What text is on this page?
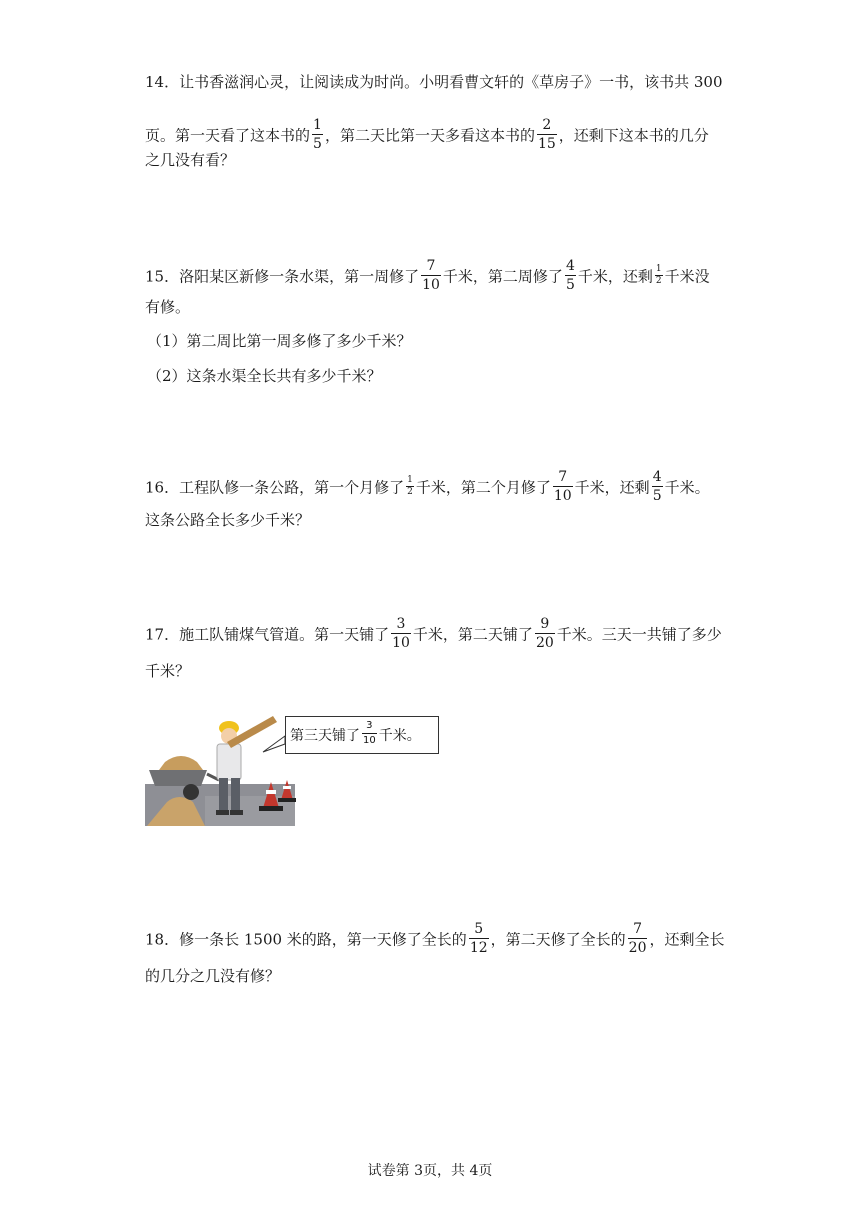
14．让书香滋润心灵，让阅读成为时尚。小明看曹文轩的《草房子》一书，该书共 300
页。第一天看了这本书的 $\frac{1}{5}$ ，第二天比第一天多看这本书的 $\frac{2}{15}$ ，还剩下这本书的几分
之几没有看？
15．洛阳某区新修一条水渠，第一周修了 $\frac{7}{10}$ 千米，第二周修了 $\frac{4}{5}$ 千米，还剩 $\frac{1}{2}$ 千米没
有修。
（1）第二周比第一周多修了多少千米？
（2）这条水渠全长共有多少千米？
16．工程队修一条公路，第一个月修了 $\frac{1}{2}$ 千米，第二个月修了 $\frac{7}{10}$ 千米，还剩 $\frac{4}{5}$ 千米。
这条公路全长多少千米？
17．施工队铺煤气管道。第一天铺了 $\frac{3}{10}$ 千米，第二天铺了 $\frac{9}{20}$ 千米。三天一共铺了多少
千米？
第三天铺了 $\frac{3}{10}$ 千米。
18．修一条长 1500 米的路，第一天修了全长的 $\frac{5}{12}$ ，第二天修了全长的 $\frac{7}{20}$ ，还剩全长
的几分之几没有修？
试卷第 3页，共 4页
